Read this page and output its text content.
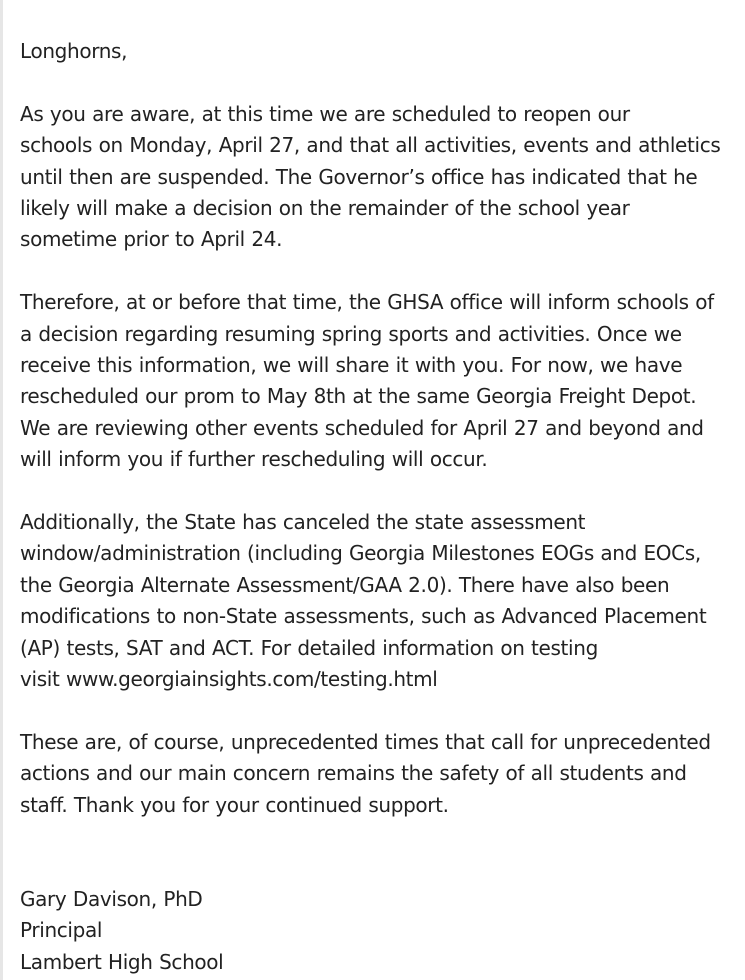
Longhorns,
As you are aware, at this time we are scheduled to reopen our
schools on Monday, April 27, and that all activities, events and athletics
until then are suspended. The Governor’s office has indicated that he
likely will make a decision on the remainder of the school year
sometime prior to April 24.
Therefore, at or before that time, the GHSA office will inform schools of
a decision regarding resuming spring sports and activities. Once we
receive this information, we will share it with you. For now, we have
rescheduled our prom to May 8th at the same Georgia Freight Depot.
We are reviewing other events scheduled for April 27 and beyond and
will inform you if further rescheduling will occur.
Additionally, the State has canceled the state assessment
window/administration (including Georgia Milestones EOGs and EOCs,
the Georgia Alternate Assessment/GAA 2.0). There have also been
modifications to non-State assessments, such as Advanced Placement
(AP) tests, SAT and ACT. For detailed information on testing
visit www.georgiainsights.com/testing.html
These are, of course, unprecedented times that call for unprecedented
actions and our main concern remains the safety of all students and
staff. Thank you for your continued support.
Gary Davison, PhD
Principal
Lambert High School
